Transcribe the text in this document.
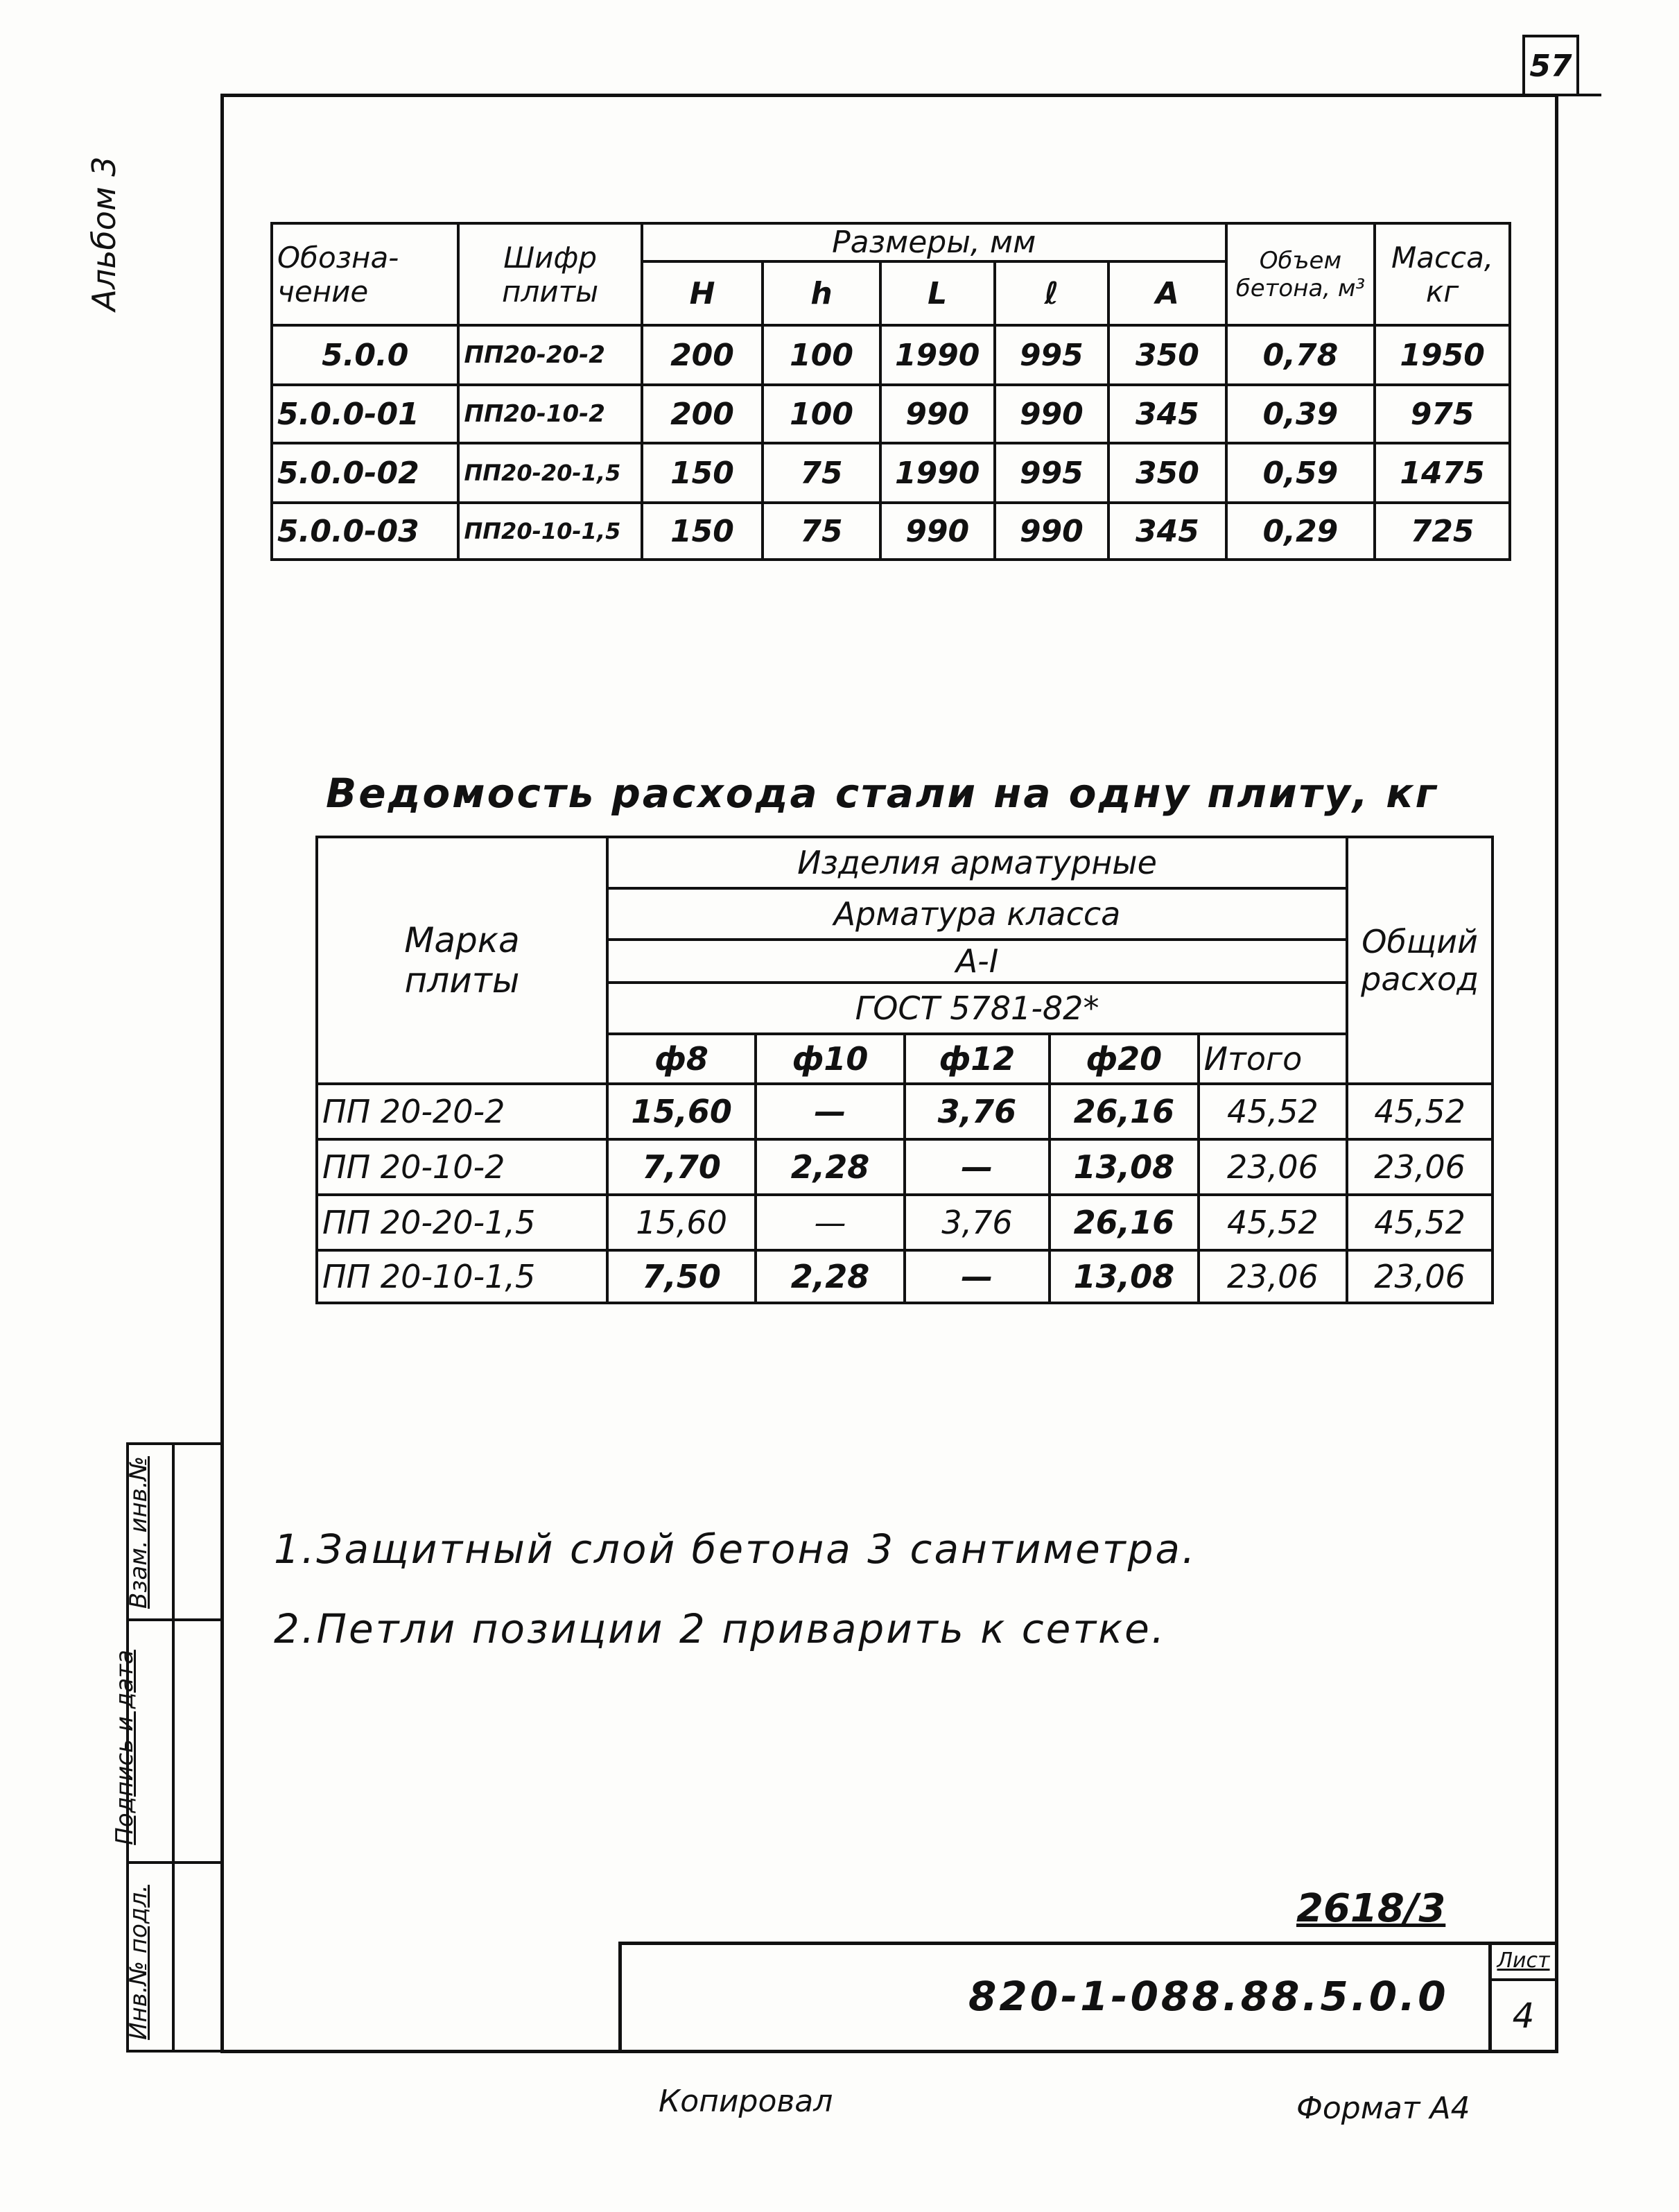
57
Альбом 3
Взам. инв.№
Подпись и дата
Инв.№ подл.
Обозна-чение	Шифр плиты	Размеры, мм					Объем бетона, м³	Масса, кг
		H	h	L	ℓ	A		
5.0.0	ПП20-20-2	200	100	1990	995	350	0,78	1950
5.0.0-01	ПП20-10-2	200	100	990	990	345	0,39	975
5.0.0-02	ПП20-20-1,5	150	75	1990	995	350	0,59	1475
5.0.0-03	ПП20-10-1,5	150	75	990	990	345	0,29	725
Ведомость расхода стали на одну плиту, кг
Марка плиты	Изделия арматурные					Общий расход
	Арматура класса					
	А-I					
	ГОСТ 5781-82*					
	ф8	ф10	ф12	ф20	Итого	
ПП 20-20-2	15,60	—	3,76	26,16	45,52	45,52
ПП 20-10-2	7,70	2,28	—	13,08	23,06	23,06
ПП 20-20-1,5	15,60	—	3,76	26,16	45,52	45,52
ПП 20-10-1,5	7,50	2,28	—	13,08	23,06	23,06
1.Защитный слой бетона 3 сантиметра.
2.Петли позиции 2 приварить к сетке.
2618/3
820-1-088.88.5.0.0
Лист
4
Копировал	Формат А4
